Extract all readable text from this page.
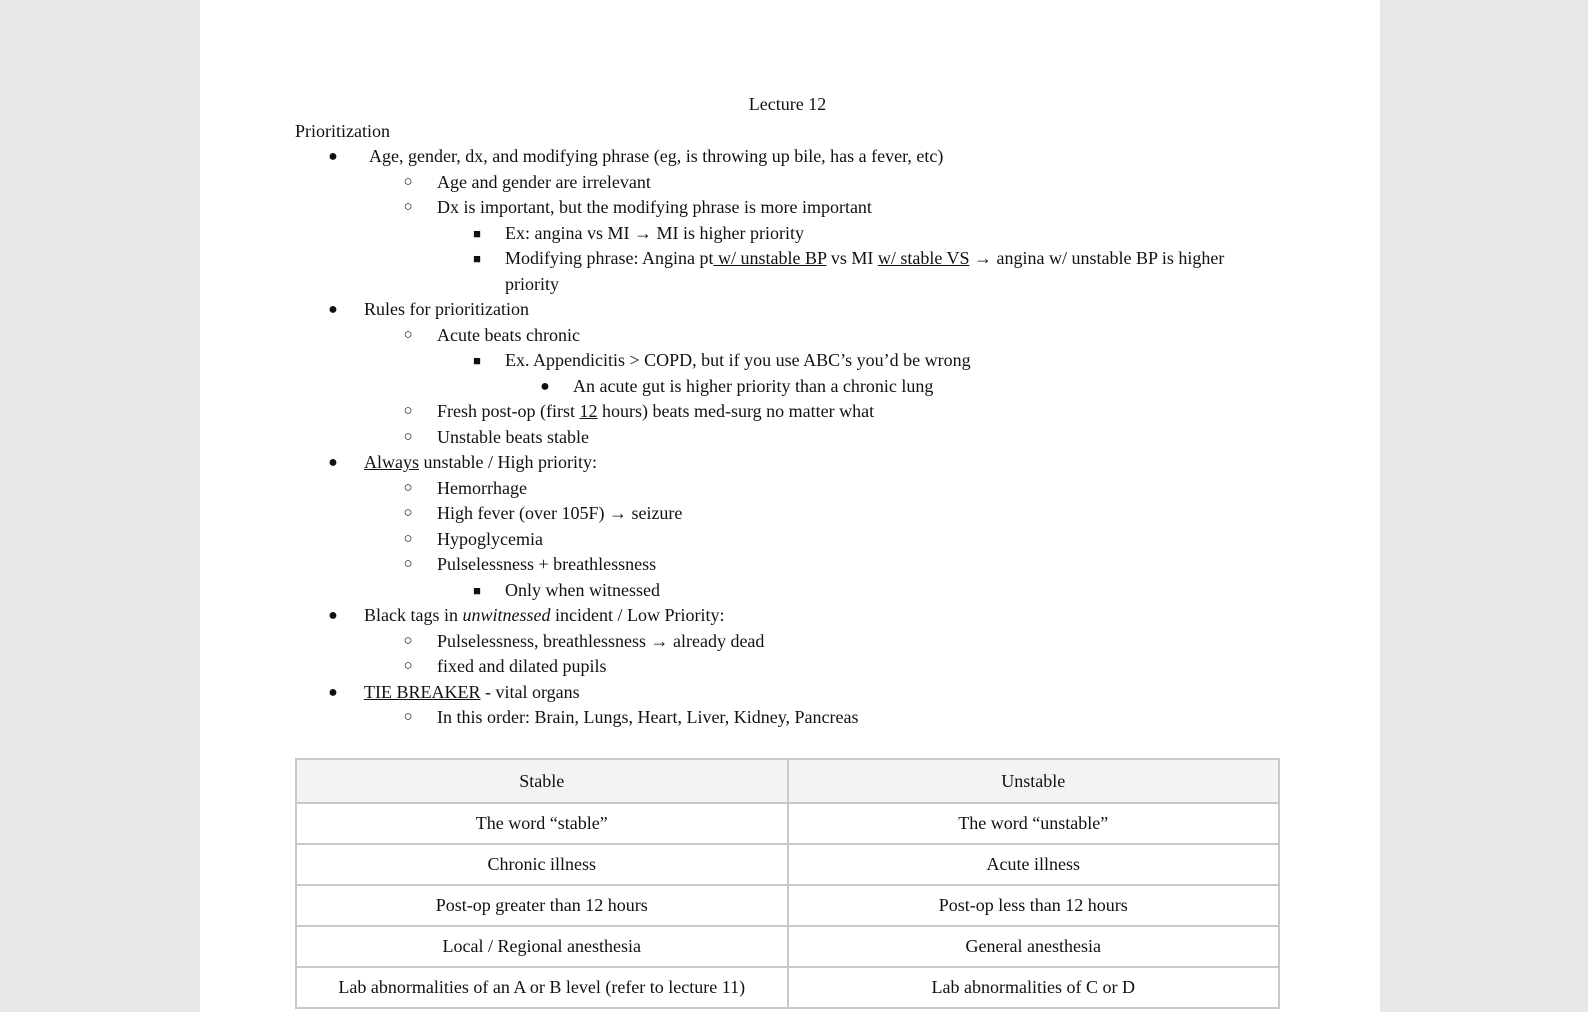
Lecture 12
Prioritization
● Age, gender, dx, and modifying phrase (eg, is throwing up bile, has a fever, etc)
○	Age and gender are irrelevant
○	Dx is important, but the modifying phrase is more important
■	Ex: angina vs MI → MI is higher priority
■	Modifying phrase: Angina pt w/ unstable BP vs MI w/ stable VS → angina w/ unstable BP is higher priority
● Rules for prioritization
○	Acute beats chronic
■	Ex. Appendicitis > COPD, but if you use ABC’s you’d be wrong
● An acute gut is higher priority than a chronic lung
○	Fresh post-op (first 12 hours) beats med-surg no matter what
○	Unstable beats stable
● Always unstable / High priority:
○	Hemorrhage
○	High fever (over 105F) → seizure
○	Hypoglycemia
○	Pulselessness + breathlessness
■	Only when witnessed
● Black tags in unwitnessed incident / Low Priority:
○	Pulselessness, breathlessness → already dead
○	fixed and dilated pupils
● TIE BREAKER - vital organs
○	In this order: Brain, Lungs, Heart, Liver, Kidney, Pancreas
Stable	Unstable
The word “stable”	The word “unstable”
Chronic illness	Acute illness
Post-op greater than 12 hours	Post-op less than 12 hours
Local / Regional anesthesia	General anesthesia
Lab abnormalities of an A or B level (refer to lecture 11)	Lab abnormalities of C or D
